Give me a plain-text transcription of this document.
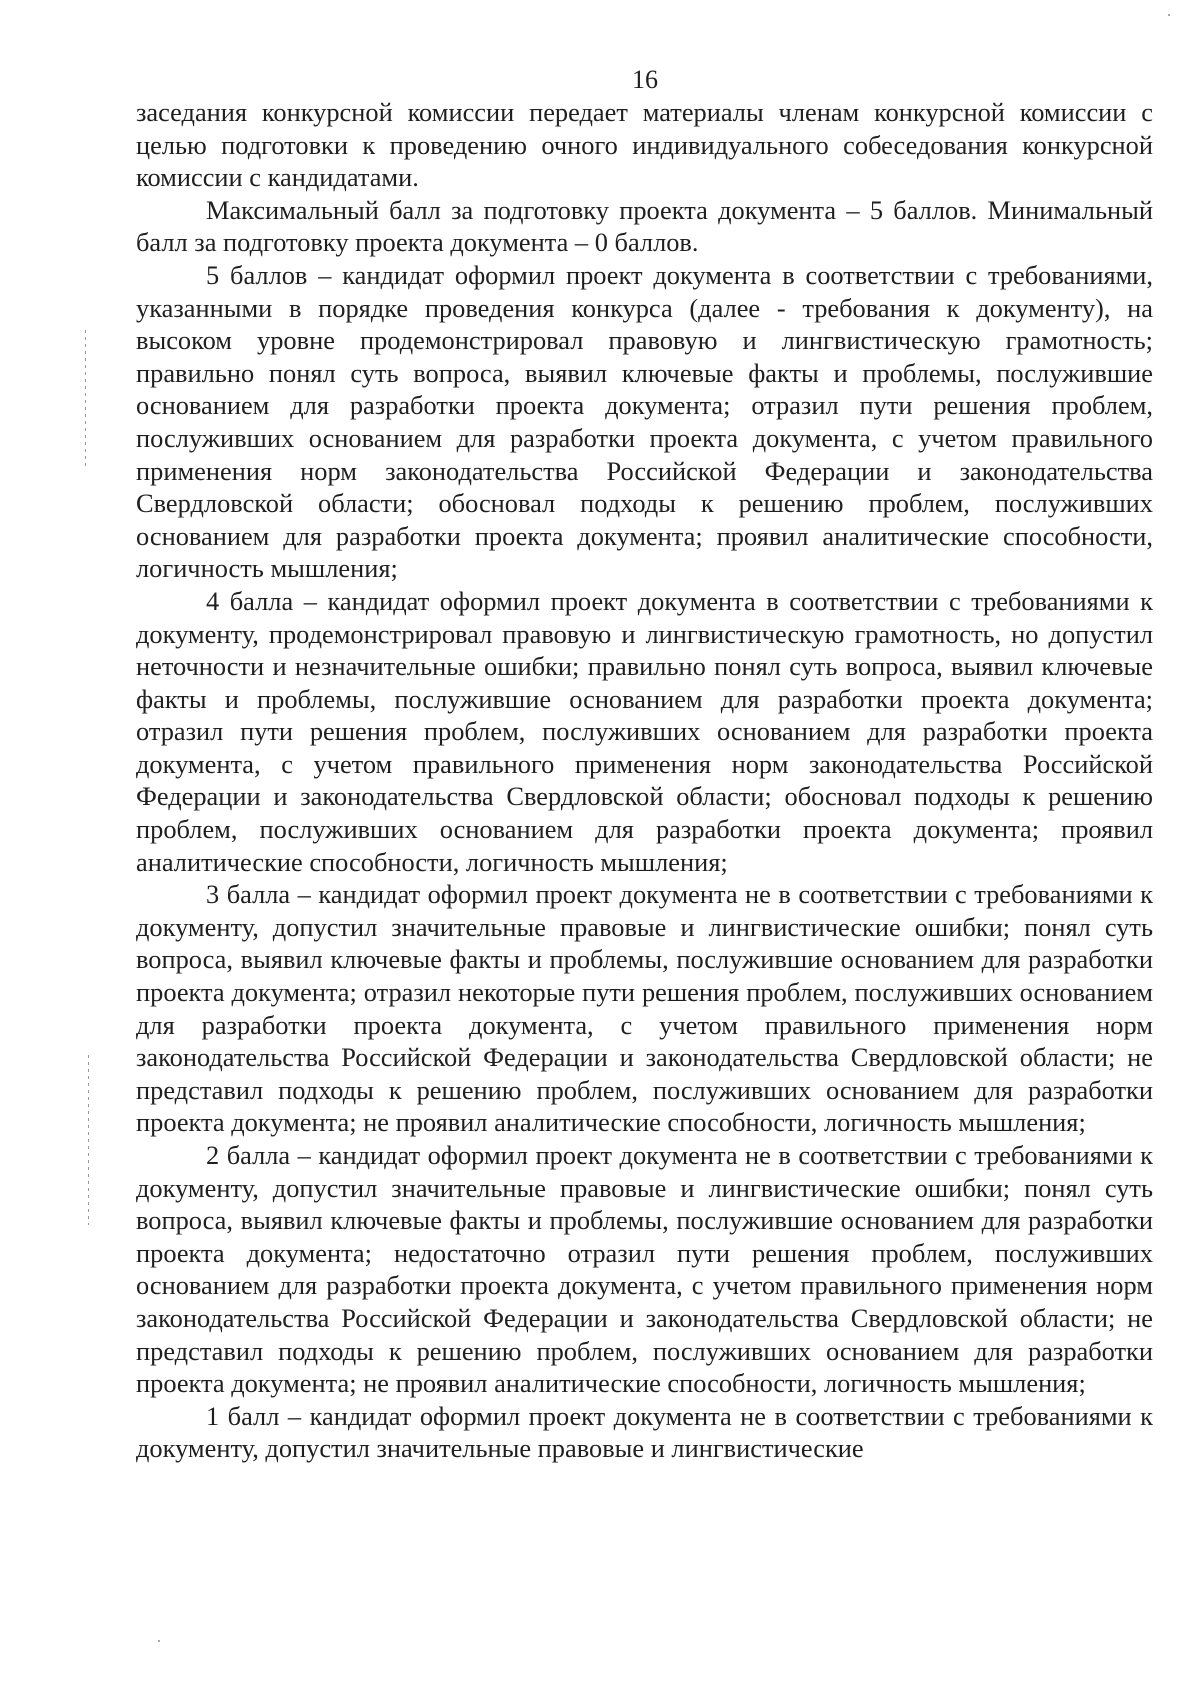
16

заседания конкурсной комиссии передает материалы членам конкурсной комиссии с целью подготовки к проведению очного индивидуального собеседования конкурсной комиссии с кандидатами.

Максимальный балл за подготовку проекта документа – 5 баллов. Минимальный балл за подготовку проекта документа – 0 баллов.

5 баллов – кандидат оформил проект документа в соответствии с требованиями, указанными в порядке проведения конкурса (далее - требования к документу), на высоком уровне продемонстрировал правовую и лингвистическую грамотность; правильно понял суть вопроса, выявил ключевые факты и проблемы, послужившие основанием для разработки проекта документа; отразил пути решения проблем, послуживших основанием для разработки проекта документа, с учетом правильного применения норм законодательства Российской Федерации и законодательства Свердловской области; обосновал подходы к решению проблем, послуживших основанием для разработки проекта документа; проявил аналитические способности, логичность мышления;

4 балла – кандидат оформил проект документа в соответствии с требованиями к документу, продемонстрировал правовую и лингвистическую грамотность, но допустил неточности и незначительные ошибки; правильно понял суть вопроса, выявил ключевые факты и проблемы, послужившие основанием для разработки проекта документа; отразил пути решения проблем, послуживших основанием для разработки проекта документа, с учетом правильного применения норм законодательства Российской Федерации и законодательства Свердловской области; обосновал подходы к решению проблем, послуживших основанием для разработки проекта документа; проявил аналитические способности, логичность мышления;

3 балла – кандидат оформил проект документа не в соответствии с требованиями к документу, допустил значительные правовые и лингвистические ошибки; понял суть вопроса, выявил ключевые факты и проблемы, послужившие основанием для разработки проекта документа; отразил некоторые пути решения проблем, послуживших основанием для разработки проекта документа, с учетом правильного применения норм законодательства Российской Федерации и законодательства Свердловской области; не представил подходы к решению проблем, послуживших основанием для разработки проекта документа; не проявил аналитические способности, логичность мышления;

2 балла – кандидат оформил проект документа не в соответствии с требованиями к документу, допустил значительные правовые и лингвистические ошибки; понял суть вопроса, выявил ключевые факты и проблемы, послужившие основанием для разработки проекта документа; недостаточно отразил пути решения проблем, послуживших основанием для разработки проекта документа, с учетом правильного применения норм законодательства Российской Федерации и законодательства Свердловской области; не представил подходы к решению проблем, послуживших основанием для разработки проекта документа; не проявил аналитические способности, логичность мышления;

1 балл – кандидат оформил проект документа не в соответствии с требованиями к документу, допустил значительные правовые и лингвистические
